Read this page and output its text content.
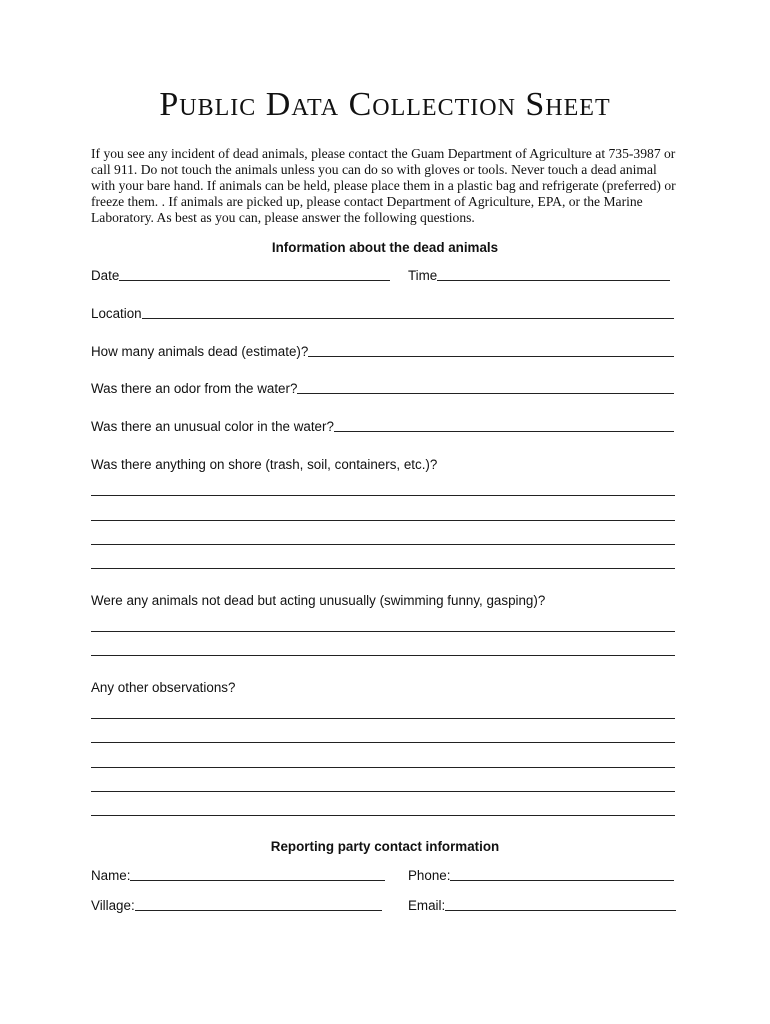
Public Data Collection Sheet
If you see any incident of dead animals, please contact the Guam Department of Agriculture at 735-3987 or call 911. Do not touch the animals unless you can do so with gloves or tools. Never touch a dead animal with your bare hand. If animals can be held, please place them in a plastic bag and refrigerate (preferred) or freeze them. . If animals are picked up, please contact Department of Agriculture, EPA, or the Marine Laboratory. As best as you can, please answer the following questions.
Information about the dead animals
Date	Time
Location
How many animals dead (estimate)?
Was there an odor from the water?
Was there an unusual color in the water?
Was there anything on shore (trash, soil, containers, etc.)?
Were any animals not dead but acting unusually (swimming funny, gasping)?
Any other observations?
Reporting party contact information
Name:	Phone:
Village:	Email:
